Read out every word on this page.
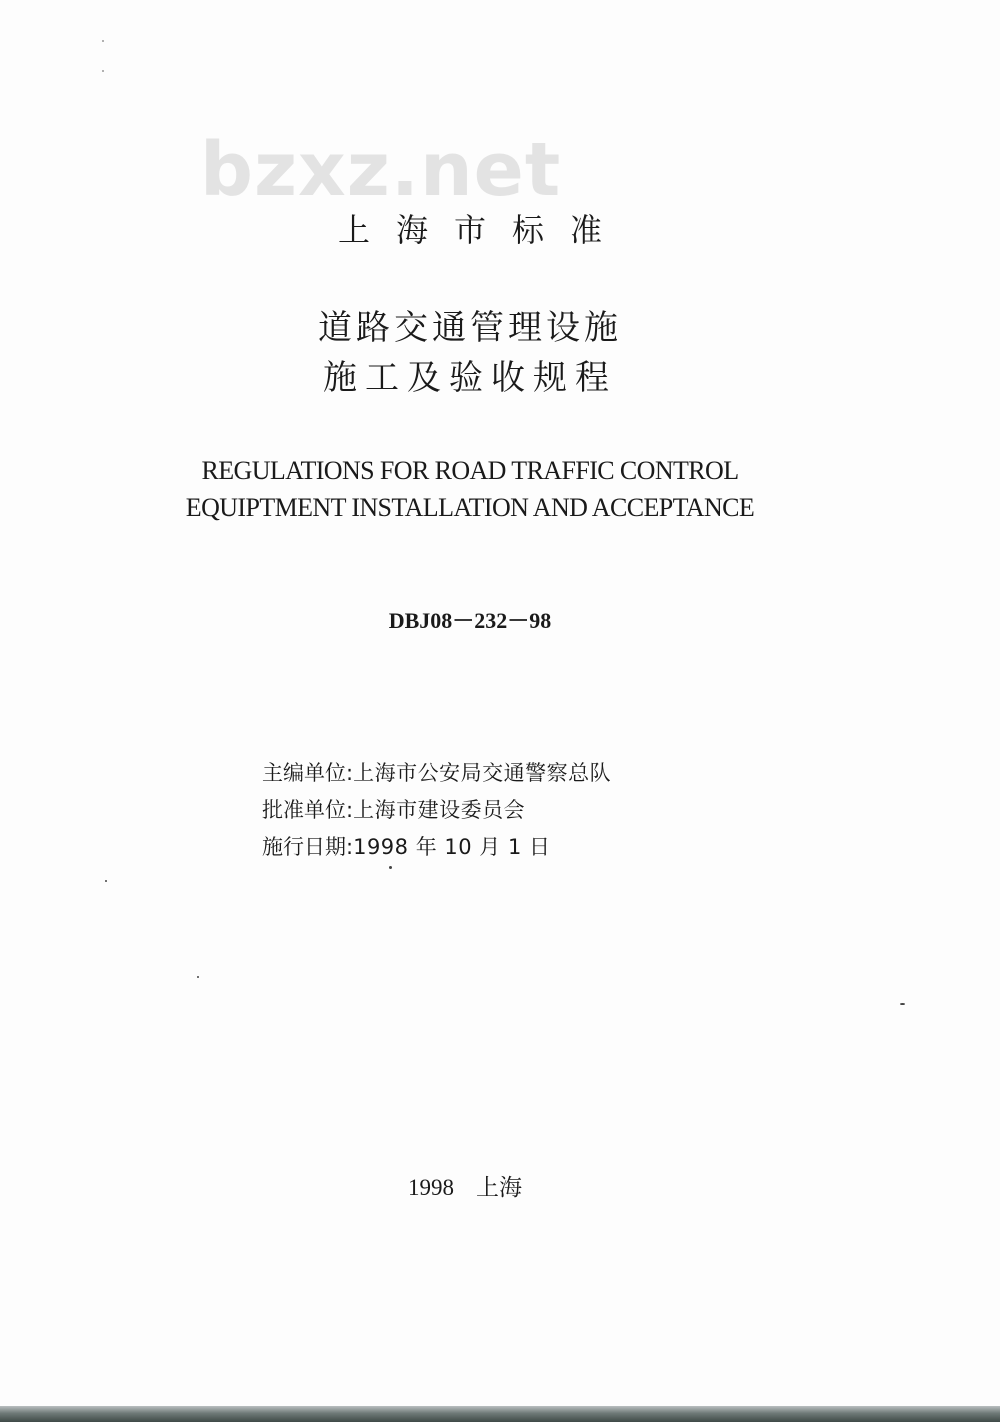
bzxz.net
上海市标准
道路交通管理设施
施工及验收规程
REGULATIONS FOR ROAD TRAFFIC CONTROL
EQUIPTMENT INSTALLATION AND ACCEPTANCE
DBJ08－232－98
主编单位:上海市公安局交通警察总队
批准单位:上海市建设委员会
施行日期:1998 年 10 月 1 日
1998 上海
